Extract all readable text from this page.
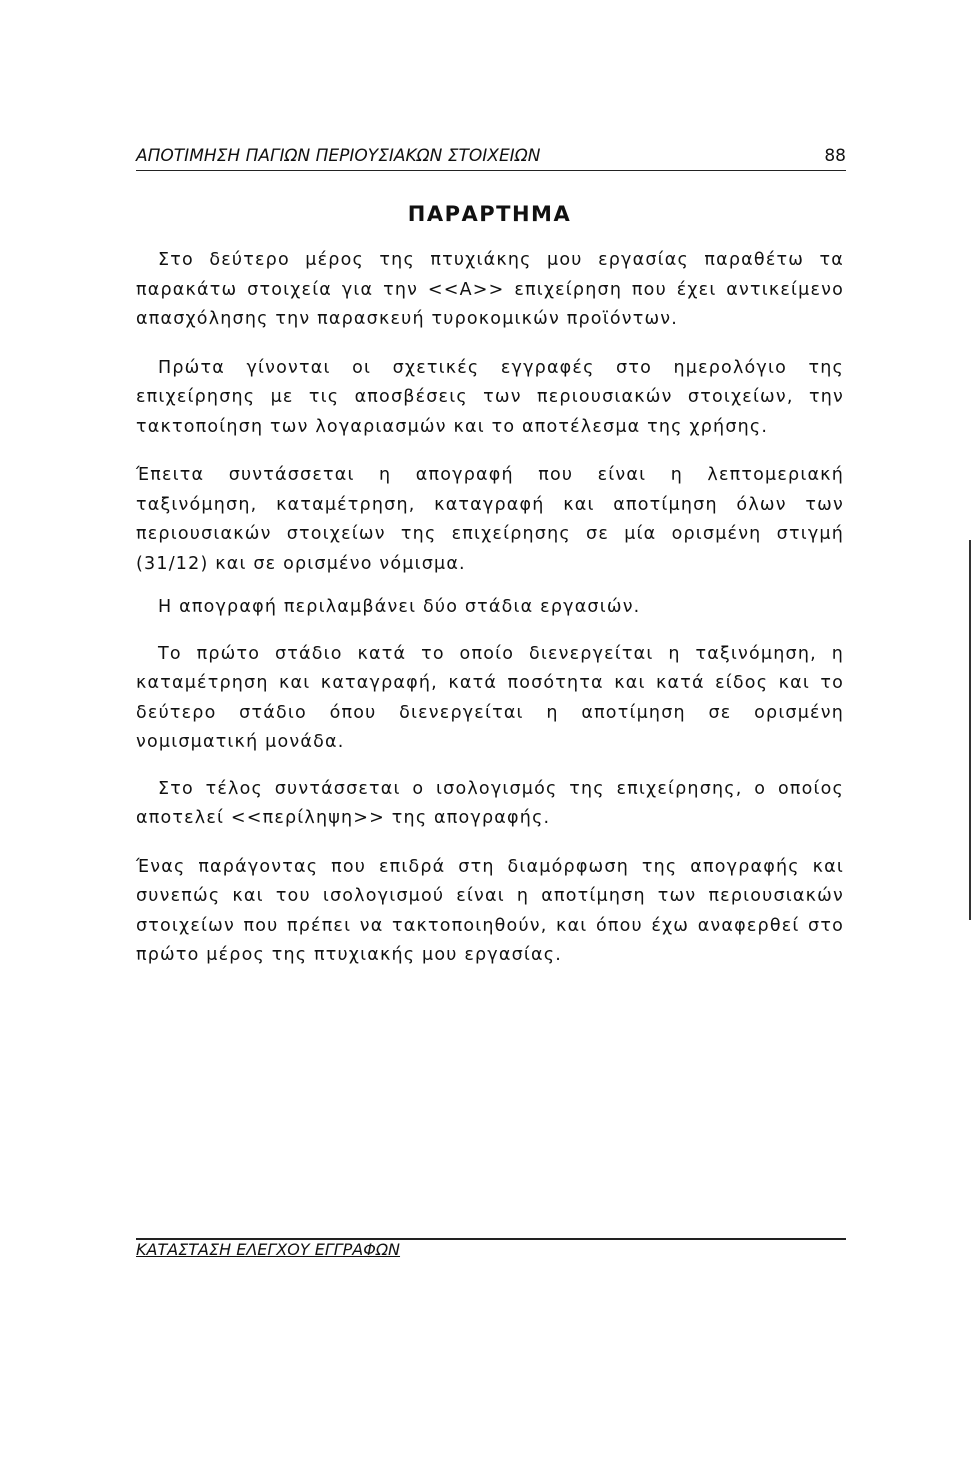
ΑΠΟΤΙΜΗΣΗ ΠΑΓΙΩΝ ΠΕΡΙΟΥΣΙΑΚΩΝ ΣΤΟΙΧΕΙΩΝ	88
ΠΑΡΑΡΤΗΜΑ

Στο δεύτερο μέρος της πτυχιάκης μου εργασίας παραθέτω τα παρακάτω στοιχεία για την <<Α>> επιχείρηση που έχει αντικείμενο απασχόλησης την παρασκευή τυροκομικών προϊόντων.

Πρώτα γίνονται οι σχετικές εγγραφές στο ημερολόγιο της επιχείρησης με τις αποσβέσεις των περιουσιακών στοιχείων, την τακτοποίηση των λογαριασμών και το αποτέλεσμα της χρήσης.

Έπειτα συντάσσεται η απογραφή που είναι η λεπτομεριακή ταξινόμηση, καταμέτρηση, καταγραφή και αποτίμηση όλων των περιουσιακών στοιχείων της επιχείρησης σε μία ορισμένη στιγμή (31/12) και σε ορισμένο νόμισμα.

Η απογραφή περιλαμβάνει δύο στάδια εργασιών.

Το πρώτο στάδιο κατά το οποίο διενεργείται η ταξινόμηση, η καταμέτρηση και καταγραφή, κατά ποσότητα και κατά είδος και το δεύτερο στάδιο όπου διενεργείται η αποτίμηση σε ορισμένη νομισματική μονάδα.

Στο τέλος συντάσσεται ο ισολογισμός της επιχείρησης, ο οποίος αποτελεί <<περίληψη>> της απογραφής.

Ένας παράγοντας που επιδρά στη διαμόρφωση της απογραφής και συνεπώς και του ισολογισμού είναι η αποτίμηση των περιουσιακών στοιχείων που πρέπει να τακτοποιηθούν, και όπου έχω αναφερθεί στο πρώτο μέρος της πτυχιακής μου εργασίας.

ΚΑΤΑΣΤΑΣΗ ΕΛΕΓΧΟΥ ΕΓΓΡΑΦΩΝ
